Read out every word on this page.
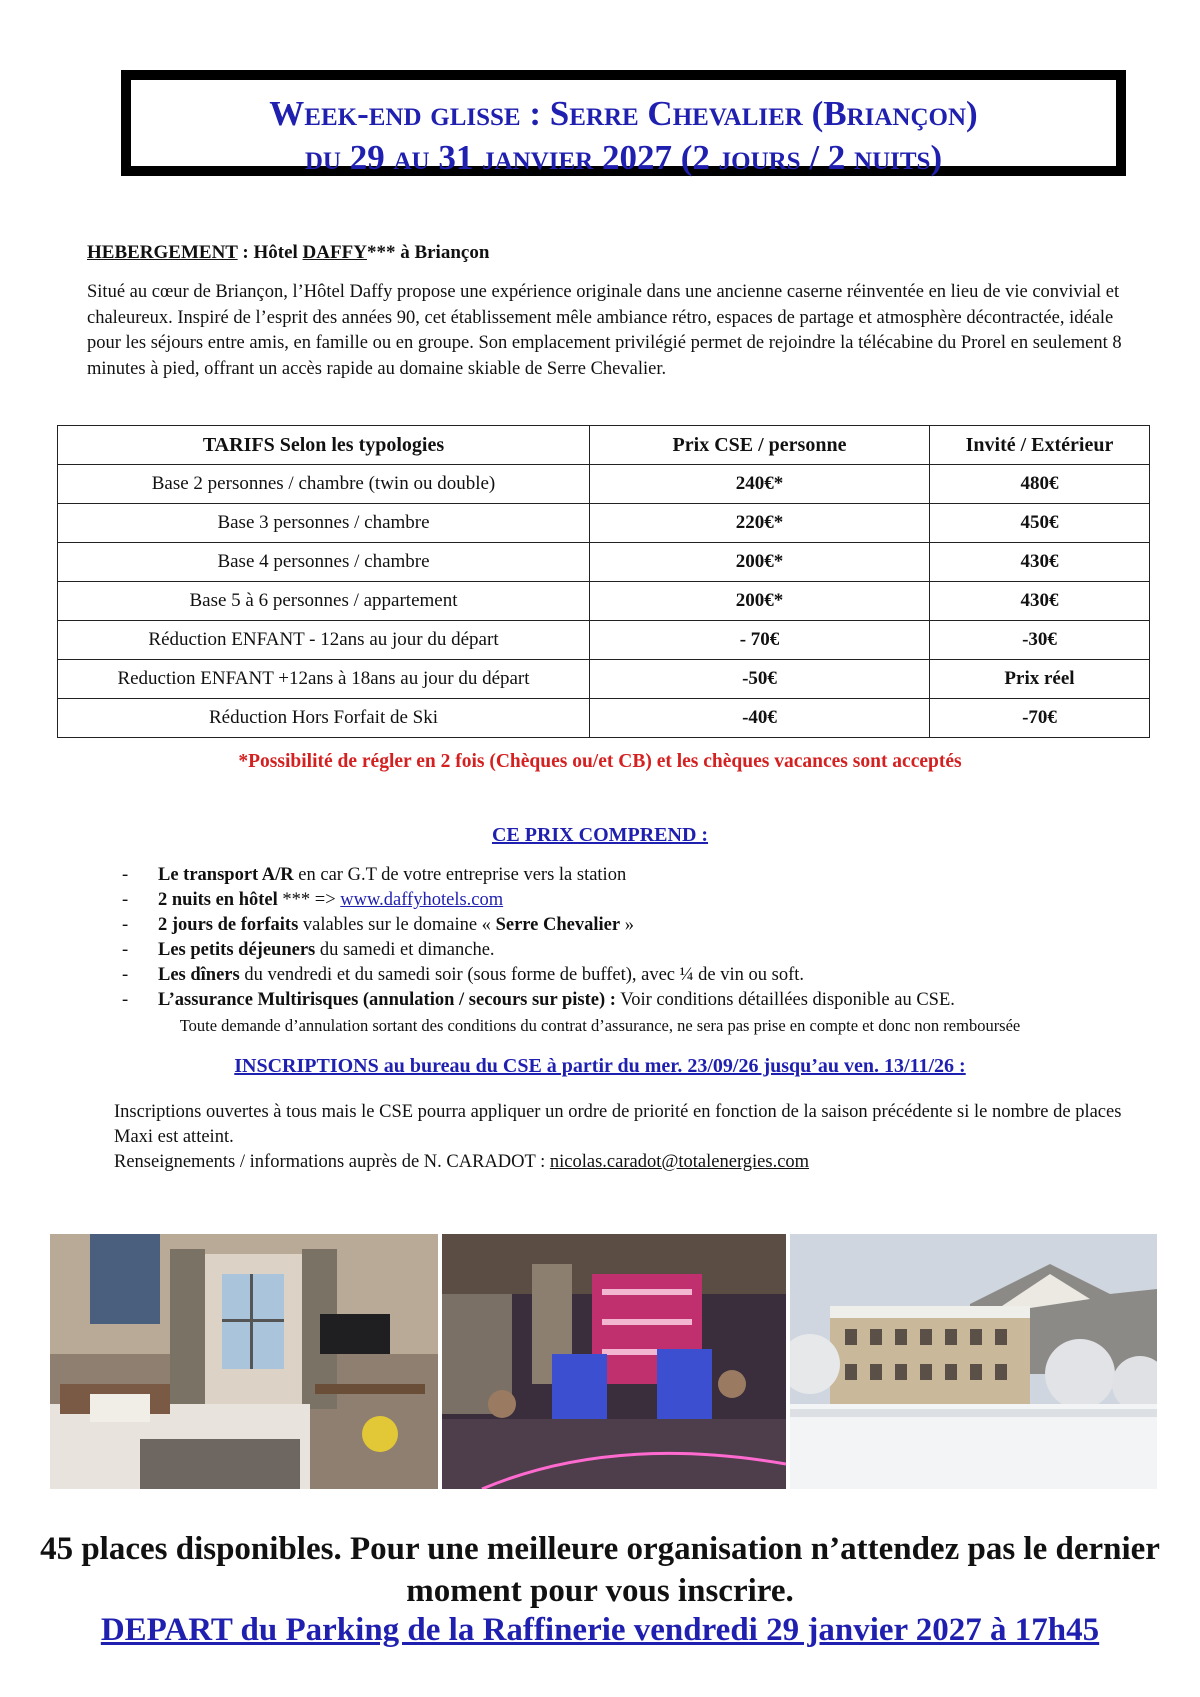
Week-end glisse : Serre Chevalier (Briançon)
du 29 au 31 janvier 2027 (2 jours / 2 nuits)
HEBERGEMENT : Hôtel DAFFY*** à Briançon
Situé au cœur de Briançon, l’Hôtel Daffy propose une expérience originale dans une ancienne caserne réinventée en lieu de vie convivial et chaleureux. Inspiré de l’esprit des années 90, cet établissement mêle ambiance rétro, espaces de partage et atmosphère décontractée, idéale pour les séjours entre amis, en famille ou en groupe. Son emplacement privilégié permet de rejoindre la télécabine du Prorel en seulement 8 minutes à pied, offrant un accès rapide au domaine skiable de Serre Chevalier.
TARIFS Selon les typologies	Prix CSE / personne	Invité / Extérieur
Base 2 personnes / chambre (twin ou double)	240€*	480€
Base 3 personnes / chambre	220€*	450€
Base 4 personnes / chambre	200€*	430€
Base 5 à 6 personnes / appartement	200€*	430€
Réduction ENFANT - 12ans au jour du départ	- 70€	-30€
Reduction ENFANT +12ans à 18ans au jour du départ	-50€	Prix réel
Réduction Hors Forfait de Ski	-40€	-70€
*Possibilité de régler en 2 fois (Chèques ou/et CB) et les chèques vacances sont acceptés
CE PRIX COMPREND :
- Le transport A/R en car G.T de votre entreprise vers la station
- 2 nuits en hôtel *** => www.daffyhotels.com
- 2 jours de forfaits valables sur le domaine « Serre Chevalier »
- Les petits déjeuners du samedi et dimanche.
- Les dîners du vendredi et du samedi soir (sous forme de buffet), avec ¼ de vin ou soft.
- L’assurance Multirisques (annulation / secours sur piste) : Voir conditions détaillées disponible au CSE.
Toute demande d’annulation sortant des conditions du contrat d’assurance, ne sera pas prise en compte et donc non remboursée
INSCRIPTIONS au bureau du CSE à partir du mer. 23/09/26 jusqu’au ven. 13/11/26 :
Inscriptions ouvertes à tous mais le CSE pourra appliquer un ordre de priorité en fonction de la saison précédente si le nombre de places Maxi est atteint.
Renseignements / informations auprès de N. CARADOT : nicolas.caradot@totalenergies.com
45 places disponibles. Pour une meilleure organisation n’attendez pas le dernier moment pour vous inscrire.
DEPART du Parking de la Raffinerie vendredi 29 janvier 2027 à 17h45
